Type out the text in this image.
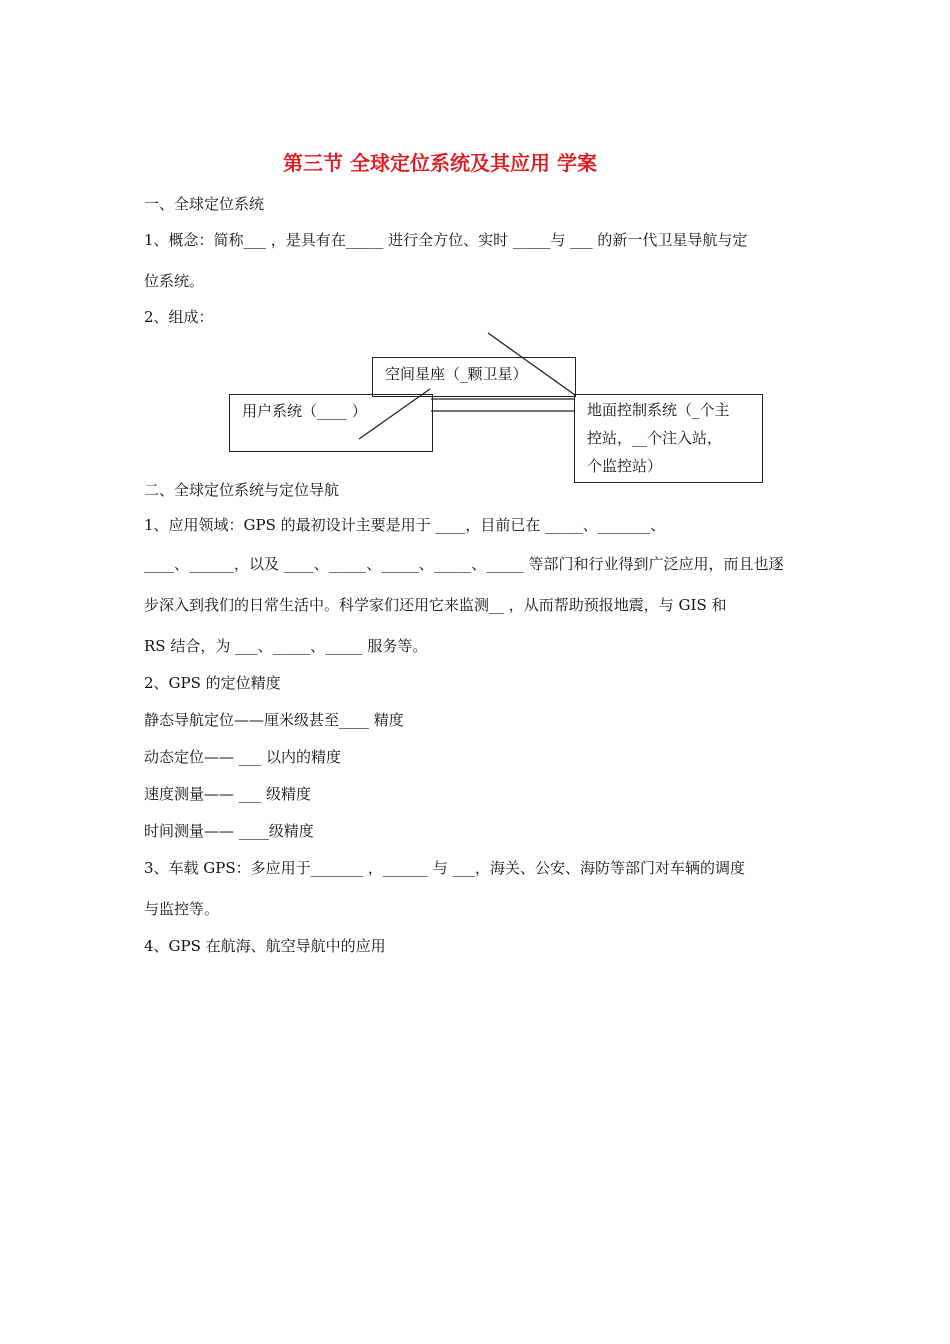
第三节 全球定位系统及其应用 学案
一、全球定位系统
1、概念：简称___ ，是具有在_____ 进行全方位、实时 _____与 ___ 的新一代卫星导航与定
位系统。
2、组成：
空间星座（_颗卫星）
用户系统（____ ）	地面控制系统（_个主
控站，__个注入站，
个监控站）
二、全球定位系统与定位导航
1、应用领域：GPS 的最初设计主要是用于 ____，目前已在 _____、_______、
____、______，以及 ____、_____、_____、_____、_____ 等部门和行业得到广泛应用，而且也逐
步深入到我们的日常生活中。科学家们还用它来监测__ ，从而帮助预报地震，与 GIS 和
RS 结合，为 ___、_____、_____ 服务等。
2、GPS 的定位精度
静态导航定位——厘米级甚至____ 精度
动态定位—— ___ 以内的精度
速度测量—— ___ 级精度
时间测量—— ____级精度
3、车载 GPS：多应用于_______ ，______ 与 ___，海关、公安、海防等部门对车辆的调度
与监控等。
4、GPS 在航海、航空导航中的应用
